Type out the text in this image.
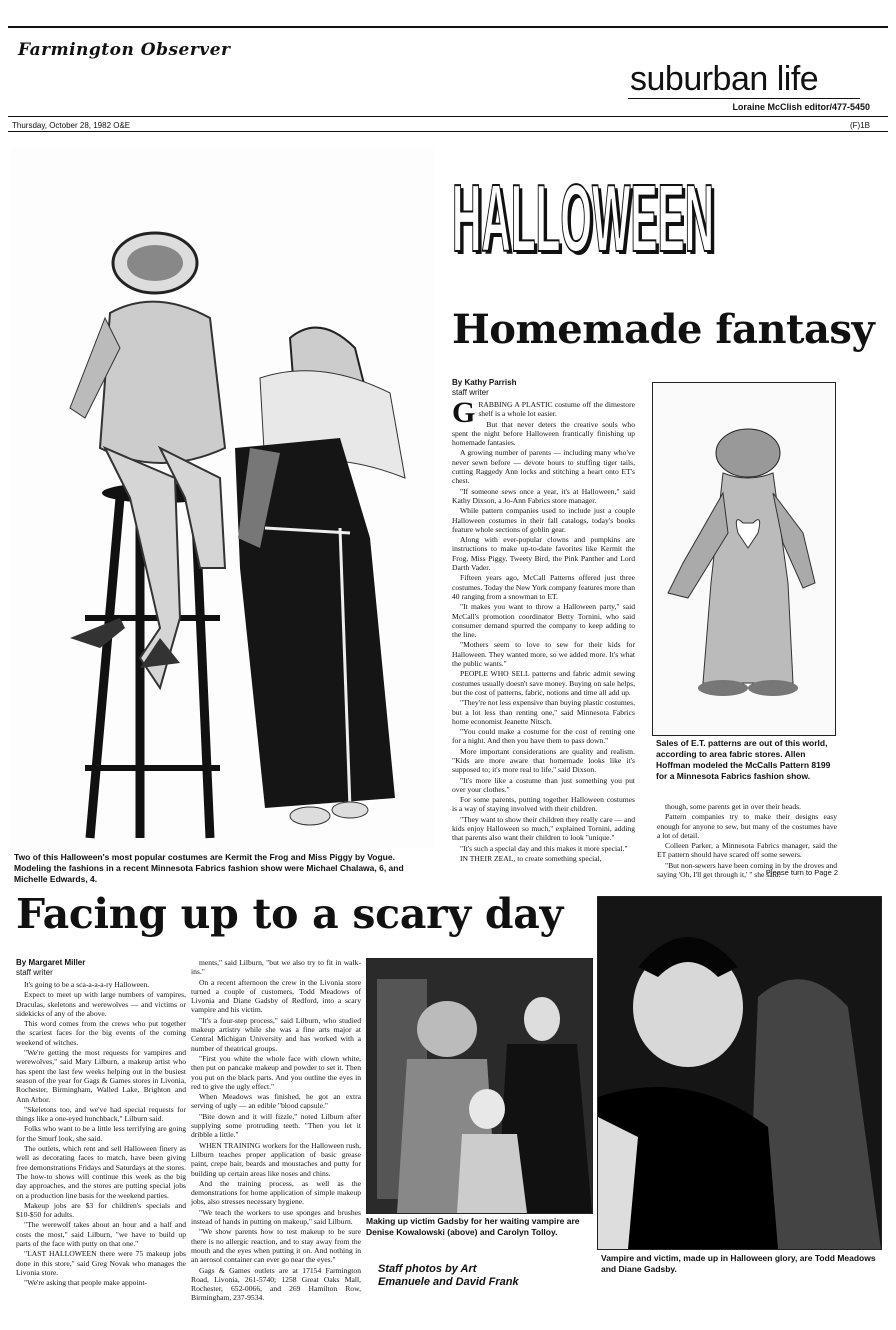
Farmington Observer
suburban life
Loraine McClish editor/477-5450
Thursday, October 28, 1982 O&E	(F)1B
Two of this Halloween's most popular costumes are Kermit the Frog and Miss Piggy by Vogue. Modeling the fashions in a recent Minnesota Fabrics fashion show were Michael Chalawa, 6, and Michelle Edwards, 4.
HALLOWEEN
HALLOWEEN
Homemade fantasy
By Kathy Parrish
staff writer
G RABBING A PLASTIC costume off the dimestore shelf is a whole lot easier.

But that never deters the creative souls who spent the night before Halloween frantically finishing up homemade fantasies.

A growing number of parents — including many who've never sewn before — devote hours to stuffing tiger tails, cutting Raggedy Ann locks and stitching a heart onto ET's chest.

"If someone sews once a year, it's at Halloween," said Kathy Dixson, a Jo-Ann Fabrics store manager.

While pattern companies used to include just a couple Halloween costumes in their fall catalogs, today's books feature whole sections of goblin gear.

Along with ever-popular clowns and pumpkins are instructions to make up-to-date favorites like Kermit the Frog, Miss Piggy, Tweety Bird, the Pink Panther and Lord Darth Vader.

Fifteen years ago, McCall Patterns offered just three costumes. Today the New York company features more than 40 ranging from a snowman to ET.

"It makes you want to throw a Halloween party," said McCall's promotion coordinator Betty Tornini, who said consumer demand spurred the company to keep adding to the line.

"Mothers seem to love to sew for their kids for Halloween. They wanted more, so we added more. It's what the public wants."

PEOPLE WHO SELL patterns and fabric admit sewing costumes usually doesn't save money. Buying on sale helps, but the cost of patterns, fabric, notions and time all add up.

"They're not less expensive than buying plastic costumes, but a lot less than renting one," said Minnesota Fabrics home economist Jeanette Nitsch.

"You could make a costume for the cost of renting one for a night. And then you have them to pass down."

More important considerations are quality and realism. "Kids are more aware that homemade looks like it's supposed to; it's more real to life," said Dixson.

"It's more like a costume than just something you put over your clothes."

For some parents, putting together Halloween costumes is a way of staying involved with their children.

"They want to show their children they really care — and kids enjoy Halloween so much," explained Tornini, adding that parents also want their children to look "unique."

"It's such a special day and this makes it more special."

IN THEIR ZEAL, to create something special,

Sales of E.T. patterns are out of this world, according to area fabric stores. Allen Hoffman modeled the McCalls Pattern 8199 for a Minnesota Fabrics fashion show.

though, some parents get in over their heads.

Pattern companies try to make their designs easy enough for anyone to sew, but many of the costumes have a lot of detail.

Colleen Parker, a Minnesota Fabrics manager, said the ET pattern should have scared off some sewers.

"But non-sewers have been coming in by the droves and saying 'Oh, I'll get through it,' " she said.

Please turn to Page 2
Facing up to a scary day
By Margaret Miller
staff writer

It's going to be a sca-a-a-a-ry Halloween.

Expect to meet up with large numbers of vampires, Draculas, skeletons and werewolves — and victims or sidekicks of any of the above.

This word comes from the crews who put together the scariest faces for the big events of the coming weekend of witches.

"We're getting the most requests for vampires and werewolves," said Mary Lilburn, a makeup artist who has spent the last few weeks helping out in the busiest season of the year for Gags & Games stores in Livonia, Rochester, Birmingham, Walled Lake, Brighton and Ann Arbor.

"Skeletons too, and we've had special requests for things like a one-eyed hunchback," Lilburn said.

Folks who want to be a little less terrifying are going for the Smurf look, she said.

The outlets, which rent and sell Halloween finery as well as decorating faces to match, have been giving free demonstrations Fridays and Saturdays at the stores. The how-to shows will continue this week as the big day approaches, and the stores are putting special jobs on a production line basis for the weekend parties.

Makeup jobs are $3 for children's specials and $10-$50 for adults.

"The werewolf takes about an hour and a half and costs the most," said Lilburn, "we have to build up parts of the face with putty on that one."

"LAST HALLOWEEN there were 75 makeup jobs done in this store," said Greg Novak who manages the Livonia store.

"We're asking that people make appoint-

ments," said Lilburn, "but we also try to fit in walk-ins."

On a recent afternoon the crew in the Livonia store turned a couple of customers, Todd Meadows of Livonia and Diane Gadsby of Redford, into a scary vampire and his victim.

"It's a four-step process," said Lilburn, who studied makeup artistry while she was a fine arts major at Central Michigan University and has worked with a number of theatrical groups.

"First you white the whole face with clown white, then put on pancake makeup and powder to set it. Then you put on the black parts. And you outline the eyes in red to give the ugly effect."

When Meadows was finished, he got an extra serving of ugly — an edible "blood capsule."

"Bite down and it will fizzle," noted Lilburn after supplying some protruding teeth. "Then you let it dribble a little."

WHEN TRAINING workers for the Halloween rush, Lilburn teaches proper application of basic grease paint, crepe hair, beards and moustaches and putty for building up certain areas like noses and chins.

And the training process, as well as the demonstrations for home application of simple makeup jobs, also stresses necessary hygiene.

"We teach the workers to use sponges and brushes instead of hands in putting on makeup," said Lilburn.

"We show parents how to test makeup to be sure there is no allergic reaction, and to stay away from the mouth and the eyes when putting it on. And nothing in an aerosol container can ever go near the eyes."

Gags & Games outlets are at 17154 Farmington Road, Livonia, 261-5740; 1258 Great Oaks Mall, Rochester, 652-0066, and 269 Hamilton Row, Birmingham, 237-9534.

Making up victim Gadsby for her waiting vampire are Denise Kowalowski (above) and Carolyn Tolloy.
Vampire and victim, made up in Halloween glory, are Todd Meadows and Diane Gadsby.
Staff photos by Art
Emanuele and David Frank
